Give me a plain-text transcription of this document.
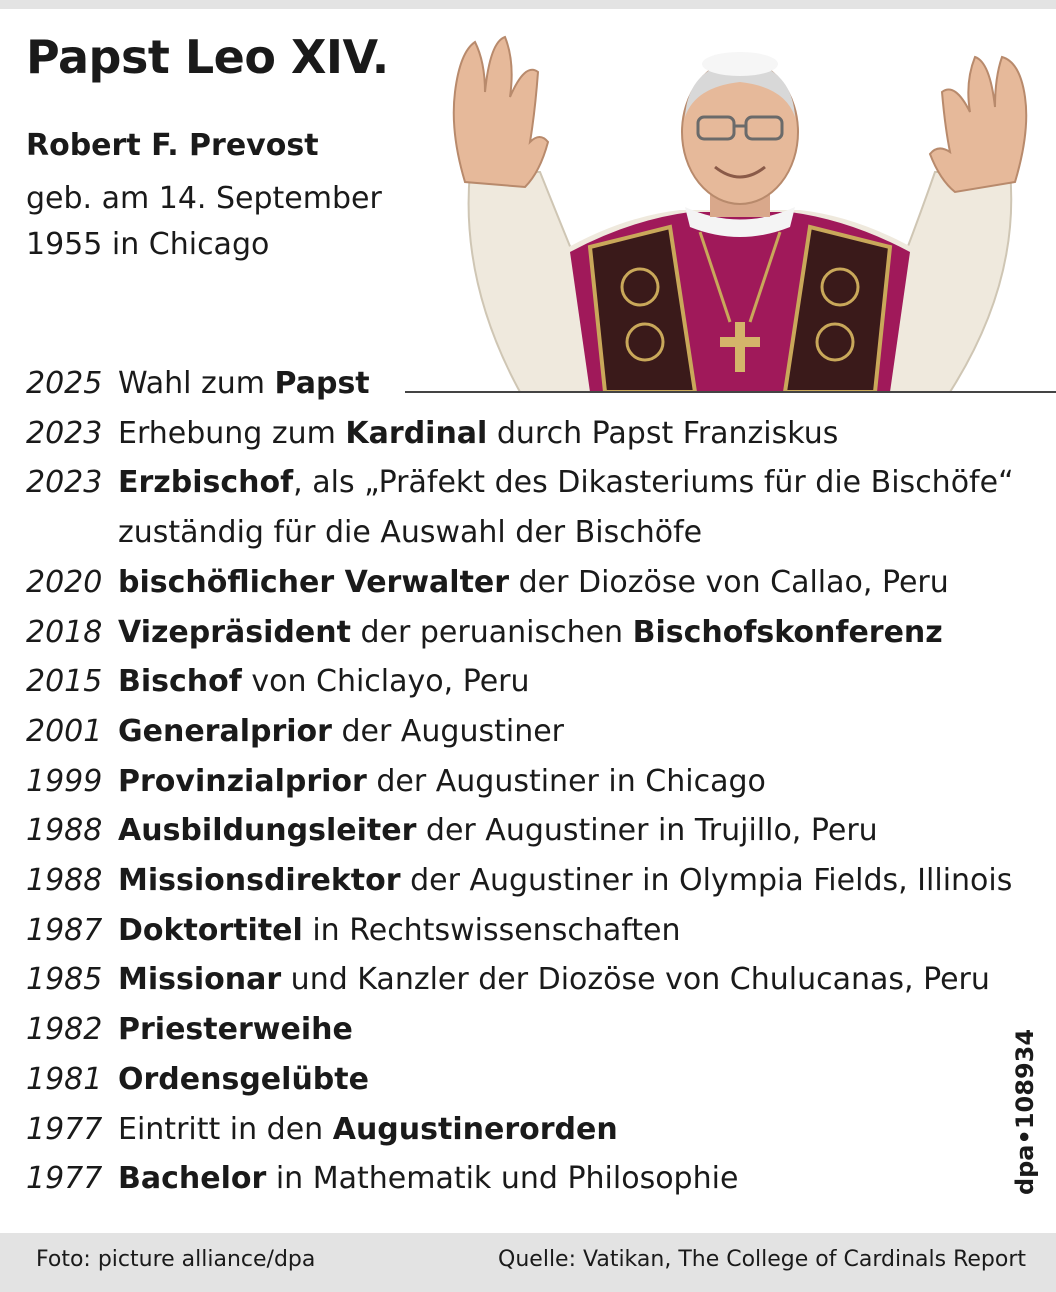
Papst Leo XIV.
Robert F. Prevost
geb. am 14. September
1955 in Chicago
2025 Wahl zum Papst
2023 Erhebung zum Kardinal durch Papst Franziskus
2023 Erzbischof, als „Präfekt des Dikasteriums für die Bischöfe“
zuständig für die Auswahl der Bischöfe
2020 bischöflicher Verwalter der Diozöse von Callao, Peru
2018 Vizepräsident der peruanischen Bischofskonferenz
2015 Bischof von Chiclayo, Peru
2001 Generalprior der Augustiner
1999 Provinzialprior der Augustiner in Chicago
1988 Ausbildungsleiter der Augustiner in Trujillo, Peru
1988 Missionsdirektor der Augustiner in Olympia Fields, Illinois
1987 Doktortitel in Rechtswissenschaften
1985 Missionar und Kanzler der Diozöse von Chulucanas, Peru
1982 Priesterweihe
1981 Ordensgelübte
1977 Eintritt in den Augustinerorden
1977 Bachelor in Mathematik und Philosophie	dpa•108934
Foto: picture alliance/dpa	Quelle: Vatikan, The College of Cardinals Report
